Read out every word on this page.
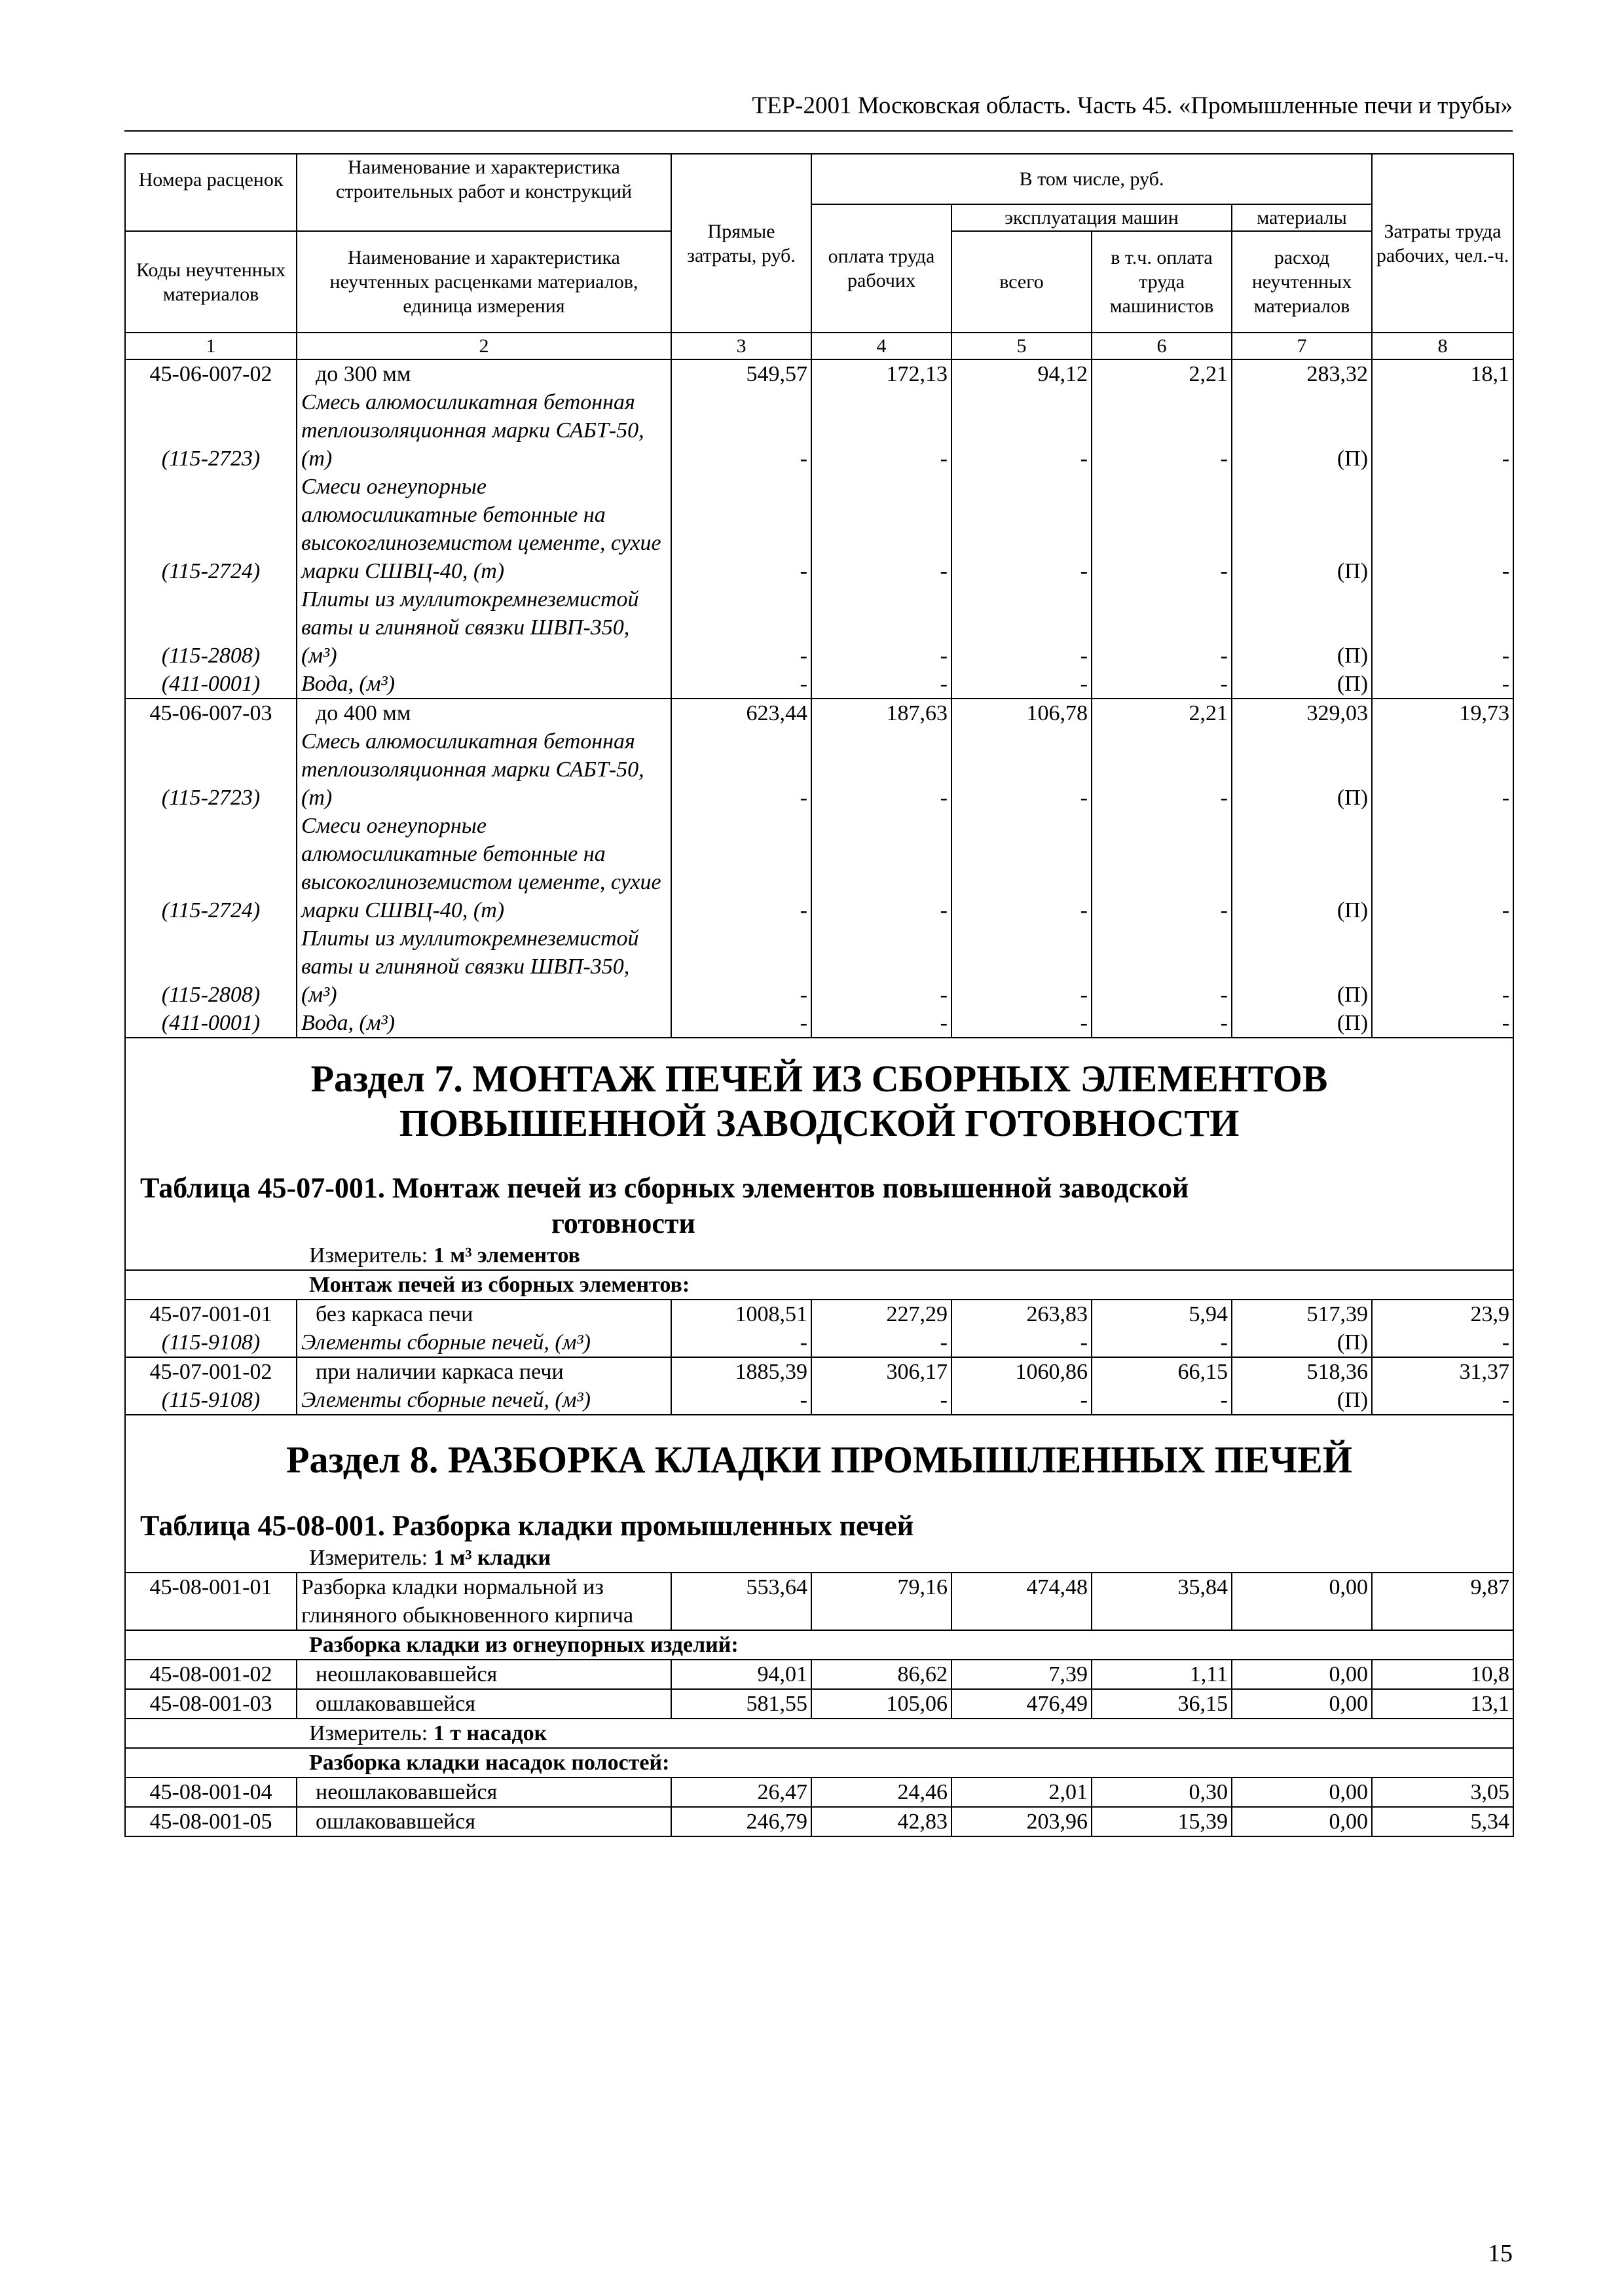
ТЕР-2001 Московская область. Часть 45. «Промышленные печи и трубы»
Номера расценок	Наименование и характеристика строительных работ и конструкций	Прямые затраты, руб.	В том числе, руб.				Затраты труда рабочих, чел.-ч.
			оплата труда рабочих	эксплуатация машин		материалы	
Коды неучтенных материалов	Наименование и характеристика неучтенных расценками материалов, единица измерения			всего	в т.ч. оплата труда машинистов	расход неучтенных материалов	
1	2	3	4	5	6	7	8
45-06-007-02	до 300 мм	549,57	172,13	94,12	2,21	283,32	18,1
(115-2723)	Смесь алюмосиликатная бетонная теплоизоляционная марки САБТ-50, (т)	-	-	-	-	(П)	-
(115-2724)	Смеси огнеупорные алюмосиликатные бетонные на высокоглиноземистом цементе, сухие марки СШВЦ-40, (т)	-	-	-	-	(П)	-
(115-2808)	Плиты из муллитокремнеземистой ваты и глиняной связки ШВП-350, (м³)	-	-	-	-	(П)	-
(411-0001)	Вода, (м³)	-	-	-	-	(П)	-
45-06-007-03	до 400 мм	623,44	187,63	106,78	2,21	329,03	19,73
(115-2723)	Смесь алюмосиликатная бетонная теплоизоляционная марки САБТ-50, (т)	-	-	-	-	(П)	-
(115-2724)	Смеси огнеупорные алюмосиликатные бетонные на высокоглиноземистом цементе, сухие марки СШВЦ-40, (т)	-	-	-	-	(П)	-
(115-2808)	Плиты из муллитокремнеземистой ваты и глиняной связки ШВП-350, (м³)	-	-	-	-	(П)	-
(411-0001)	Вода, (м³)	-	-	-	-	(П)	-

Раздел 7. МОНТАЖ ПЕЧЕЙ ИЗ СБОРНЫХ ЭЛЕМЕНТОВ ПОВЫШЕННОЙ ЗАВОДСКОЙ ГОТОВНОСТИ							

Таблица 45-07-001. Монтаж печей из сборных элементов повышенной заводской
готовности							

Измеритель: 1 м³ элементов							

Монтаж печей из сборных элементов:							
45-07-001-01	без каркаса печи	1008,51	227,29	263,83	5,94	517,39	23,9
(115-9108)	Элементы сборные печей, (м³)	-	-	-	-	(П)	-
45-07-001-02	при наличии каркаса печи	1885,39	306,17	1060,86	66,15	518,36	31,37
(115-9108)	Элементы сборные печей, (м³)	-	-	-	-	(П)	-

Раздел 8. РАЗБОРКА КЛАДКИ ПРОМЫШЛЕННЫХ ПЕЧЕЙ							

Таблица 45-08-001. Разборка кладки промышленных печей							

Измеритель: 1 м³ кладки							

45-08-001-01	Разборка кладки нормальной из глиняного обыкновенного кирпича	553,64	79,16	474,48	35,84	0,00	9,87
Разборка кладки из огнеупорных изделий:							
45-08-001-02	неошлаковавшейся	94,01	86,62	7,39	1,11	0,00	10,8
45-08-001-03	ошлаковавшейся	581,55	105,06	476,49	36,15	0,00	13,1
Измеритель: 1 т насадок							
Разборка кладки насадок полостей:							
45-08-001-04	неошлаковавшейся	26,47	24,46	2,01	0,30	0,00	3,05
45-08-001-05	ошлаковавшейся	246,79	42,83	203,96	15,39	0,00	5,34
15
